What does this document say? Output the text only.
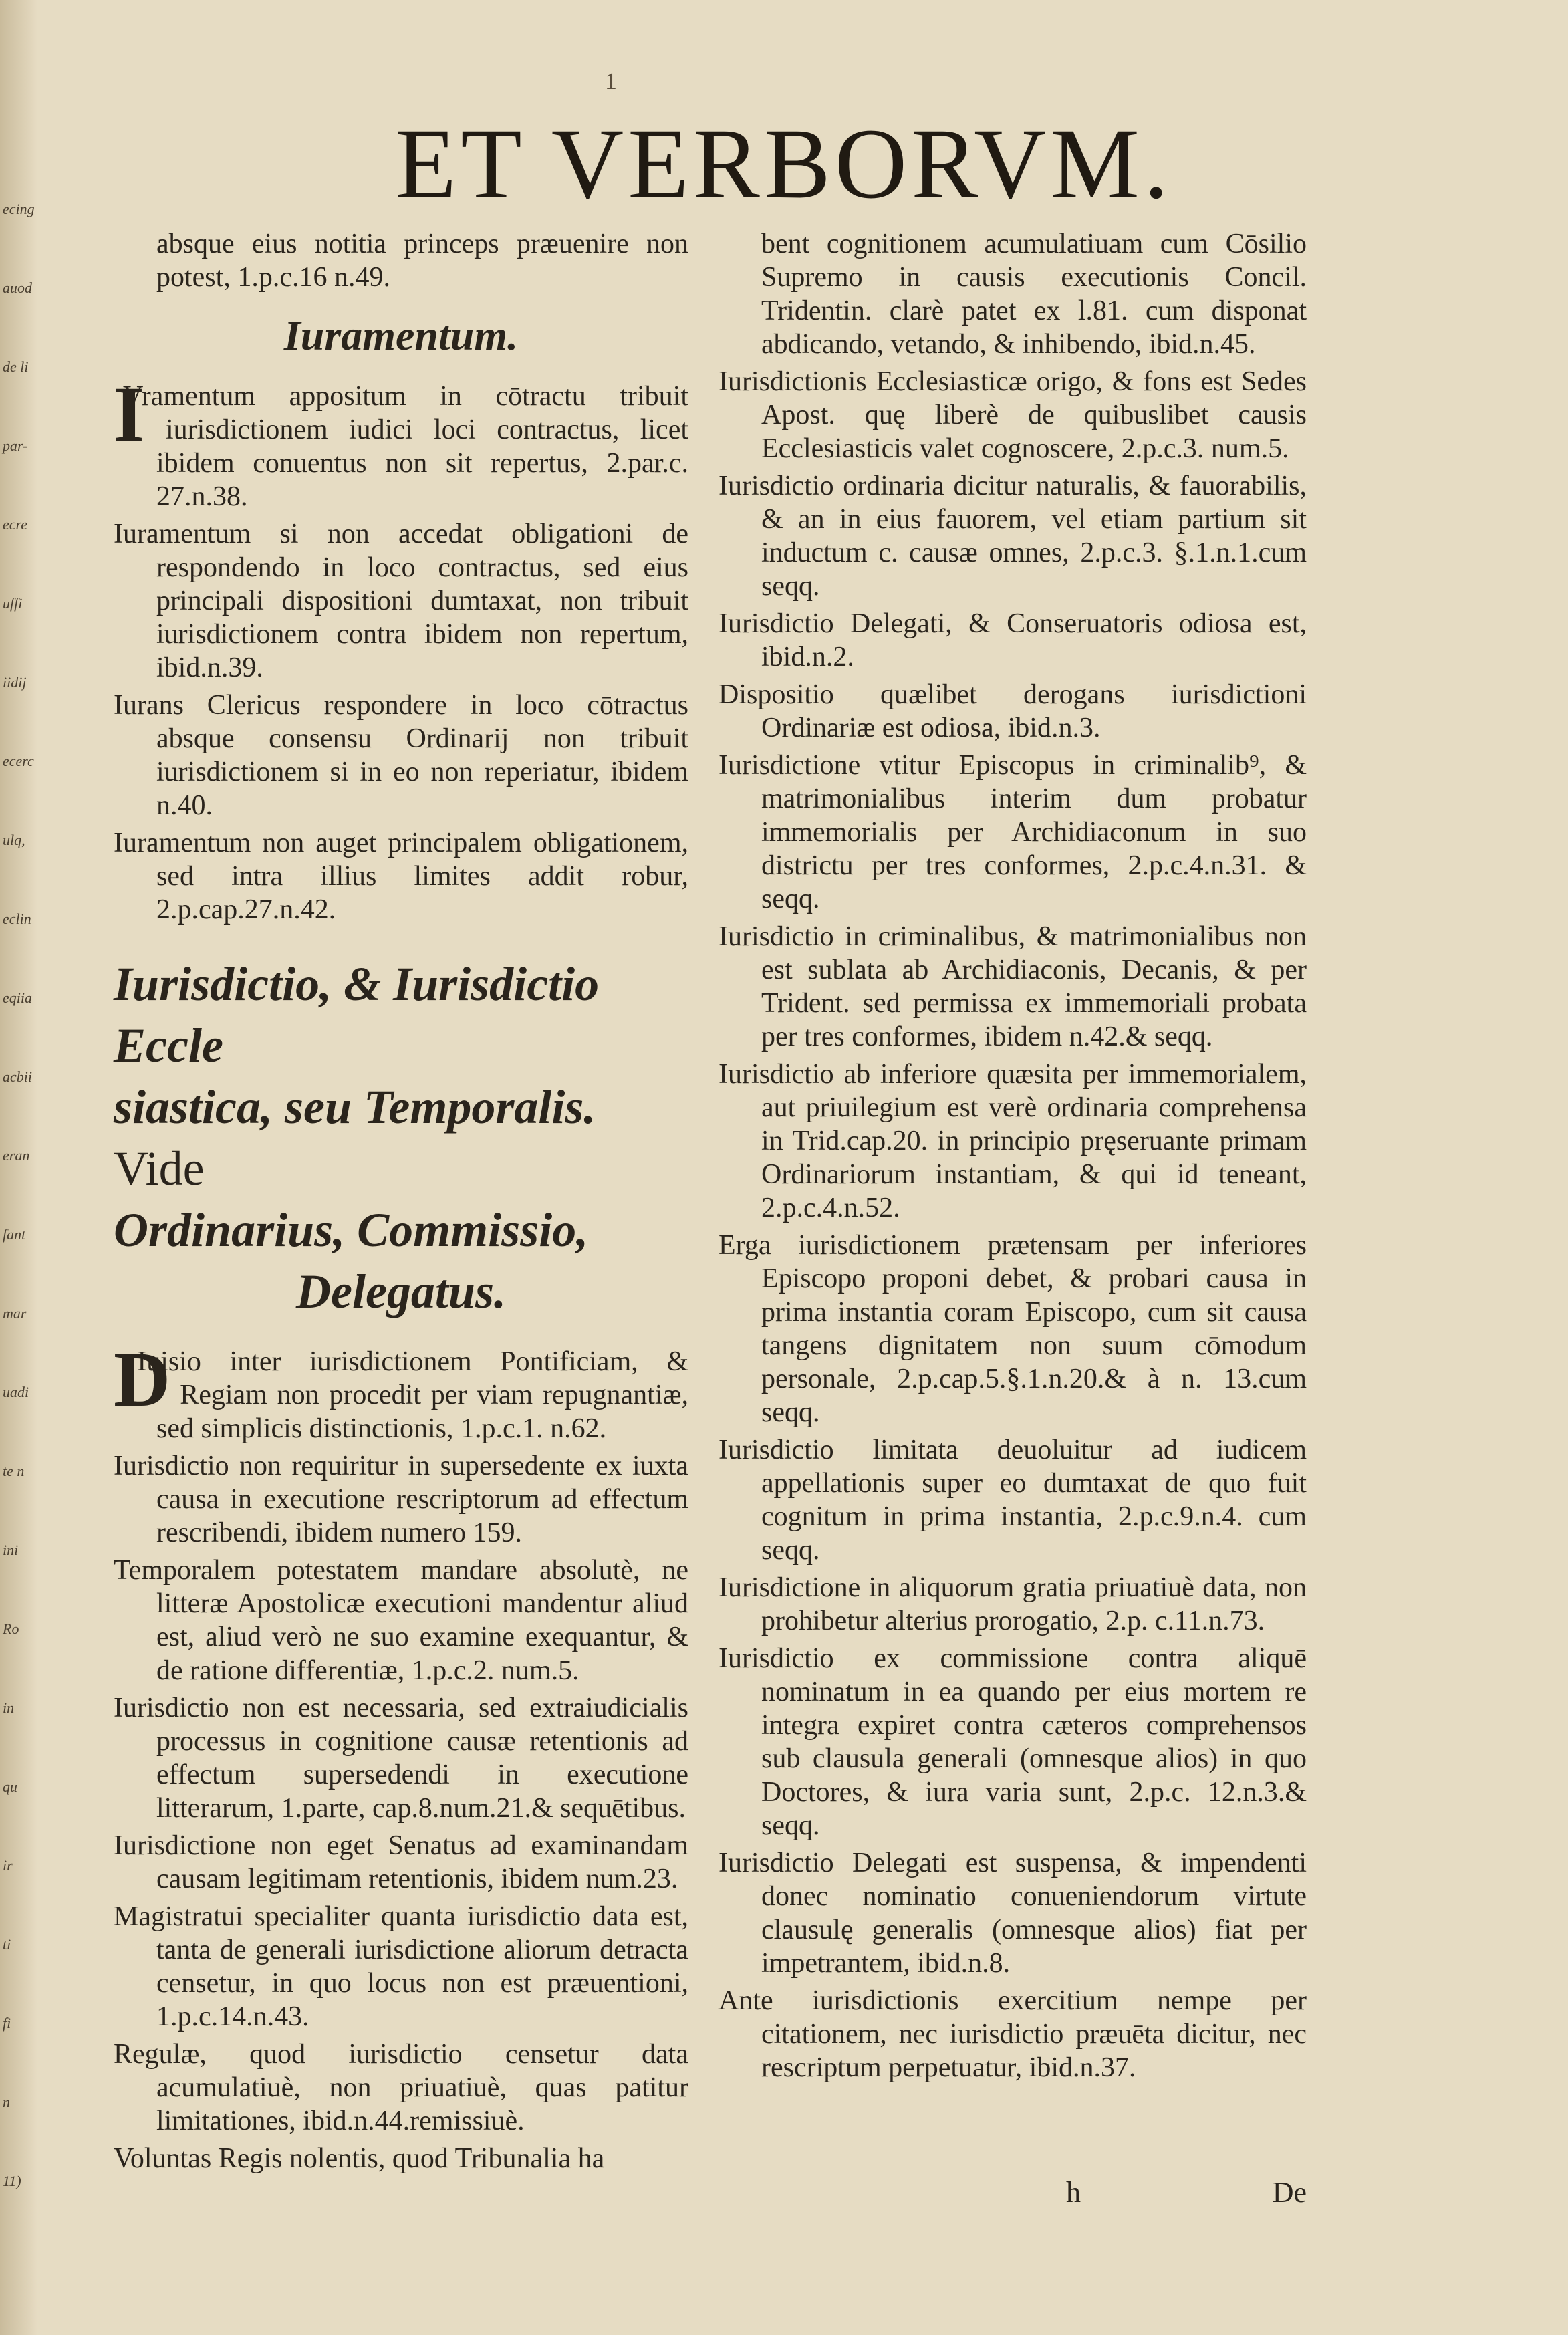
ecing
auod
de li
par-
ecre
uffi
iidij
ecerc
ulq,
eclin
eqiia
acbii
eran
fant
mar
uadi
te n
ini
Ro
in
qu
ir
ti
fi
n
11)
1
ET VERBORVM.

absque eius notitia princeps præuenire non potest, 1.p.c.16 n.49.

Iuramentum.

I
Vramentum appositum in cōtractu tribuit iurisdictionem iudici loci contractus, licet ibidem conuentus non sit repertus, 2.par.c. 27.n.38.

Iuramentum si non accedat obligationi de respondendo in loco contractus, sed eius principali dispositioni dumtaxat, non tribuit iurisdictionem contra ibidem non repertum, ibid.n.39.

Iurans Clericus respondere in loco cōtractus absque consensu Ordinarij non tribuit iurisdictionem si in eo non reperiatur, ibidem n.40.

Iuramentum non auget principalem obligationem, sed intra illius limites addit robur, 2.p.cap.27.n.42.

Iurisdictio, & Iurisdictio Eccle
siastica, seu Temporalis. Vide
Ordinarius, Commissio,
Delegatus.

D
Iuisio inter iurisdictionem Pontificiam, & Regiam non procedit per viam repugnantiæ, sed simplicis distinctionis, 1.p.c.1. n.62.

Iurisdictio non requiritur in supersedente ex iuxta causa in executione rescriptorum ad effectum rescribendi, ibidem numero 159.

Temporalem potestatem mandare absolutè, ne litteræ Apostolicæ executioni mandentur aliud est, aliud verò ne suo examine exequantur, & de ratione differentiæ, 1.p.c.2. num.5.

Iurisdictio non est necessaria, sed extraiudicialis processus in cognitione causæ retentionis ad effectum supersedendi in executione litterarum, 1.parte, cap.8.num.21.& sequētibus.

Iurisdictione non eget Senatus ad examinandam causam legitimam retentionis, ibidem num.23.

Magistratui specialiter quanta iurisdictio data est, tanta de generali iurisdictione aliorum detracta censetur, in quo locus non est præuentioni, 1.p.c.14.n.43.

Regulæ, quod iurisdictio censetur data acumulatiuè, non priuatiuè, quas patitur limitationes, ibid.n.44.remissiuè.

Voluntas Regis nolentis, quod Tribunalia ha

bent cognitionem acumulatiuam cum Cōsilio Supremo in causis executionis Concil. Tridentin. clarè patet ex l.81. cum disponat abdicando, vetando, & inhibendo, ibid.n.45.

Iurisdictionis Ecclesiasticæ origo, & fons est Sedes Apost. quę liberè de quibuslibet causis Ecclesiasticis valet cognoscere, 2.p.c.3. num.5.

Iurisdictio ordinaria dicitur naturalis, & fauorabilis, & an in eius fauorem, vel etiam partium sit inductum c. causæ omnes, 2.p.c.3. §.1.n.1.cum seqq.

Iurisdictio Delegati, & Conseruatoris odiosa est, ibid.n.2.

Dispositio quælibet derogans iurisdictioni Ordinariæ est odiosa, ibid.n.3.

Iurisdictione vtitur Episcopus in criminalib⁹, & matrimonialibus interim dum probatur immemorialis per Archidiaconum in suo districtu per tres conformes, 2.p.c.4.n.31. & seqq.

Iurisdictio in criminalibus, & matrimonialibus non est sublata ab Archidiaconis, Decanis, & per Trident. sed permissa ex immemoriali probata per tres conformes, ibidem n.42.& seqq.

Iurisdictio ab inferiore quæsita per immemorialem, aut priuilegium est verè ordinaria comprehensa in Trid.cap.20. in principio pręseruante primam Ordinariorum instantiam, & qui id teneant, 2.p.c.4.n.52.

Erga iurisdictionem prætensam per inferiores Episcopo proponi debet, & probari causa in prima instantia coram Episcopo, cum sit causa tangens dignitatem non suum cōmodum personale, 2.p.cap.5.§.1.n.20.& à n. 13.cum seqq.

Iurisdictio limitata deuoluitur ad iudicem appellationis super eo dumtaxat de quo fuit cognitum in prima instantia, 2.p.c.9.n.4. cum seqq.

Iurisdictione in aliquorum gratia priuatiuè data, non prohibetur alterius prorogatio, 2.p. c.11.n.73.

Iurisdictio ex commissione contra aliquē nominatum in ea quando per eius mortem re integra expiret contra cæteros comprehensos sub clausula generali (omnesque alios) in quo Doctores, & iura varia sunt, 2.p.c. 12.n.3.& seqq.

Iurisdictio Delegati est suspensa, & impendenti donec nominatio conueniendorum virtute clausulę generalis (omnesque alios) fiat per impetrantem, ibid.n.8.

Ante iurisdictionis exercitium nempe per citationem, nec iurisdictio præuēta dicitur, nec rescriptum perpetuatur, ibid.n.37.

h	De
